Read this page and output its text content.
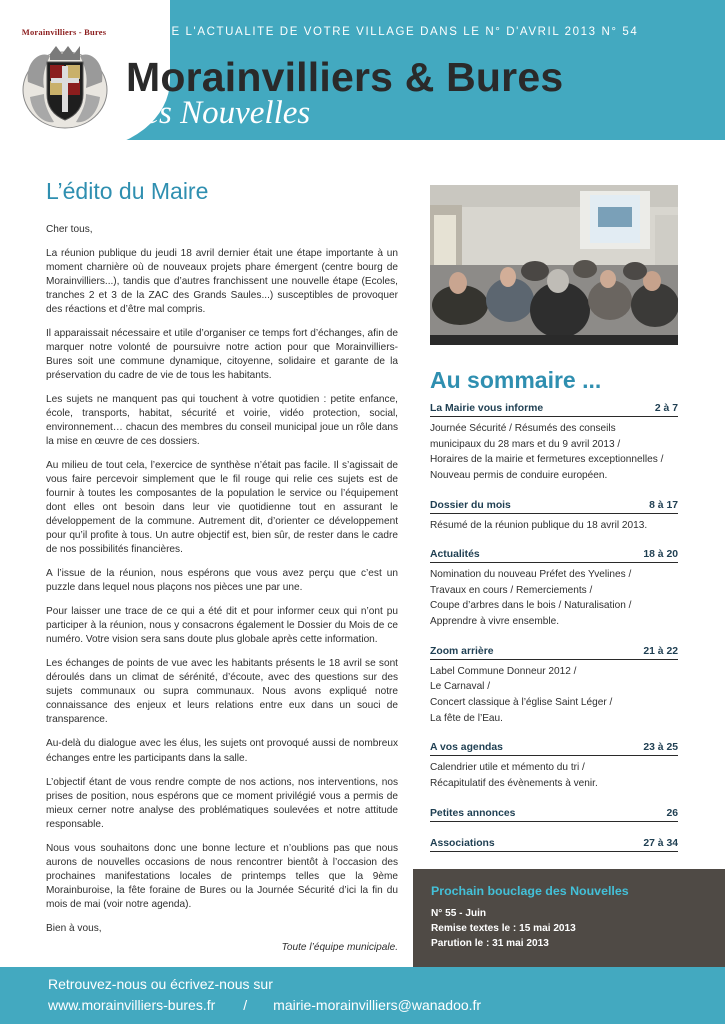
Morainvilliers - Bures	TOUTE L'ACTUALITE DE VOTRE VILLAGE DANS LE N° D'AVRIL 2013 N° 54
Morainvilliers & Bures
Les Nouvelles
L’édito du Maire

Cher tous,

La réunion publique du jeudi 18 avril dernier était une étape importante à un moment charnière où de nouveaux projets phare émergent (centre bourg de Morainvilliers...), tandis que d’autres franchissent une nouvelle étape (Ecoles, tranches 2 et 3 de la ZAC des Grands Saules...) susceptibles de provoquer des réactions et d’être mal compris.

Il apparaissait nécessaire et utile d’organiser ce temps fort d’échanges, afin de marquer notre volonté de poursuivre notre action pour que Morainvilliers-Bures soit une commune dynamique, citoyenne, solidaire et garante de la préservation du cadre de vie de tous les habitants.

Les sujets ne manquent pas qui touchent à votre quotidien : petite enfance, école, transports, habitat, sécurité et voirie, vidéo protection, social, environnement… chacun des membres du conseil municipal joue un rôle dans la mise en œuvre de ces dossiers.

Au milieu de tout cela, l’exercice de synthèse n’était pas facile. Il s’agissait de vous faire percevoir simplement que le fil rouge qui relie ces sujets est de fournir à toutes les composantes de la population le service ou l’équipement dont elles ont besoin dans leur vie quotidienne tout en assurant le développement de la commune. Autrement dit, d’orienter ce développement pour qu’il profite à tous. Un autre objectif est, bien sûr, de rester dans le cadre de nos possibilités financières.

A l’issue de la réunion, nous espérons que vous avez perçu que c’est un puzzle dans lequel nous plaçons nos pièces une par une.

Pour laisser une trace de ce qui a été dit et pour informer ceux qui n’ont pu participer à la réunion, nous y consacrons également le Dossier du Mois de ce numéro. Votre vision sera sans doute plus globale après cette information.

Les échanges de points de vue avec les habitants présents le 18 avril se sont déroulés dans un climat de sérénité, d’écoute, avec des questions sur des sujets communaux ou supra communaux. Nous avons expliqué notre connaissance des enjeux et leurs relations entre eux dans un souci de transparence.

Au-delà du dialogue avec les élus, les sujets ont provoqué aussi de nombreux échanges entre les participants dans la salle.

L’objectif étant de vous rendre compte de nos actions, nos interventions, nos prises de position, nous espérons que ce moment privilégié vous a permis de mieux cerner notre analyse des problématiques soulevées et notre attitude responsable.

Nous vous souhaitons donc une bonne lecture et n’oublions pas que nous aurons de nouvelles occasions de nous rencontrer bientôt à l’occasion des prochaines manifestations locales de printemps telles que la 9ème Morainburoise, la fête foraine de Bures ou la Journée Sécurité d’ici la fin du mois de mai (voir notre agenda).

Bien à vous,

Toute l’équipe municipale.

Au sommaire ...
La Mairie vous informe	2 à 7
Journée Sécurité / Résumés des conseils
municipaux du 28 mars et du 9 avril 2013 /
Horaires de la mairie et fermetures exceptionnelles /
Nouveau permis de conduire européen.
Dossier du mois	8 à 17
Résumé de la réunion publique du 18 avril 2013.
Actualités	18 à 20
Nomination du nouveau Préfet des Yvelines /
Travaux en cours / Remerciements /
Coupe d’arbres dans le bois / Naturalisation /
Apprendre à vivre ensemble.
Zoom arrière	21 à 22
Label Commune Donneur 2012 /
Le Carnaval /
Concert classique à l’église Saint Léger /
La fête de l’Eau.
A vos agendas	23 à 25
Calendrier utile et mémento du tri /
Récapitulatif des évènements à venir.
Petites annonces	26
Associations	27 à 34
Prochain bouclage des Nouvelles
N° 55 - Juin
Remise textes le : 15 mai 2013
Parution le : 31 mai 2013
Retrouvez-nous ou écrivez-nous sur
www.morainvilliers-bures.fr / mairie-morainvilliers@wanadoo.fr
